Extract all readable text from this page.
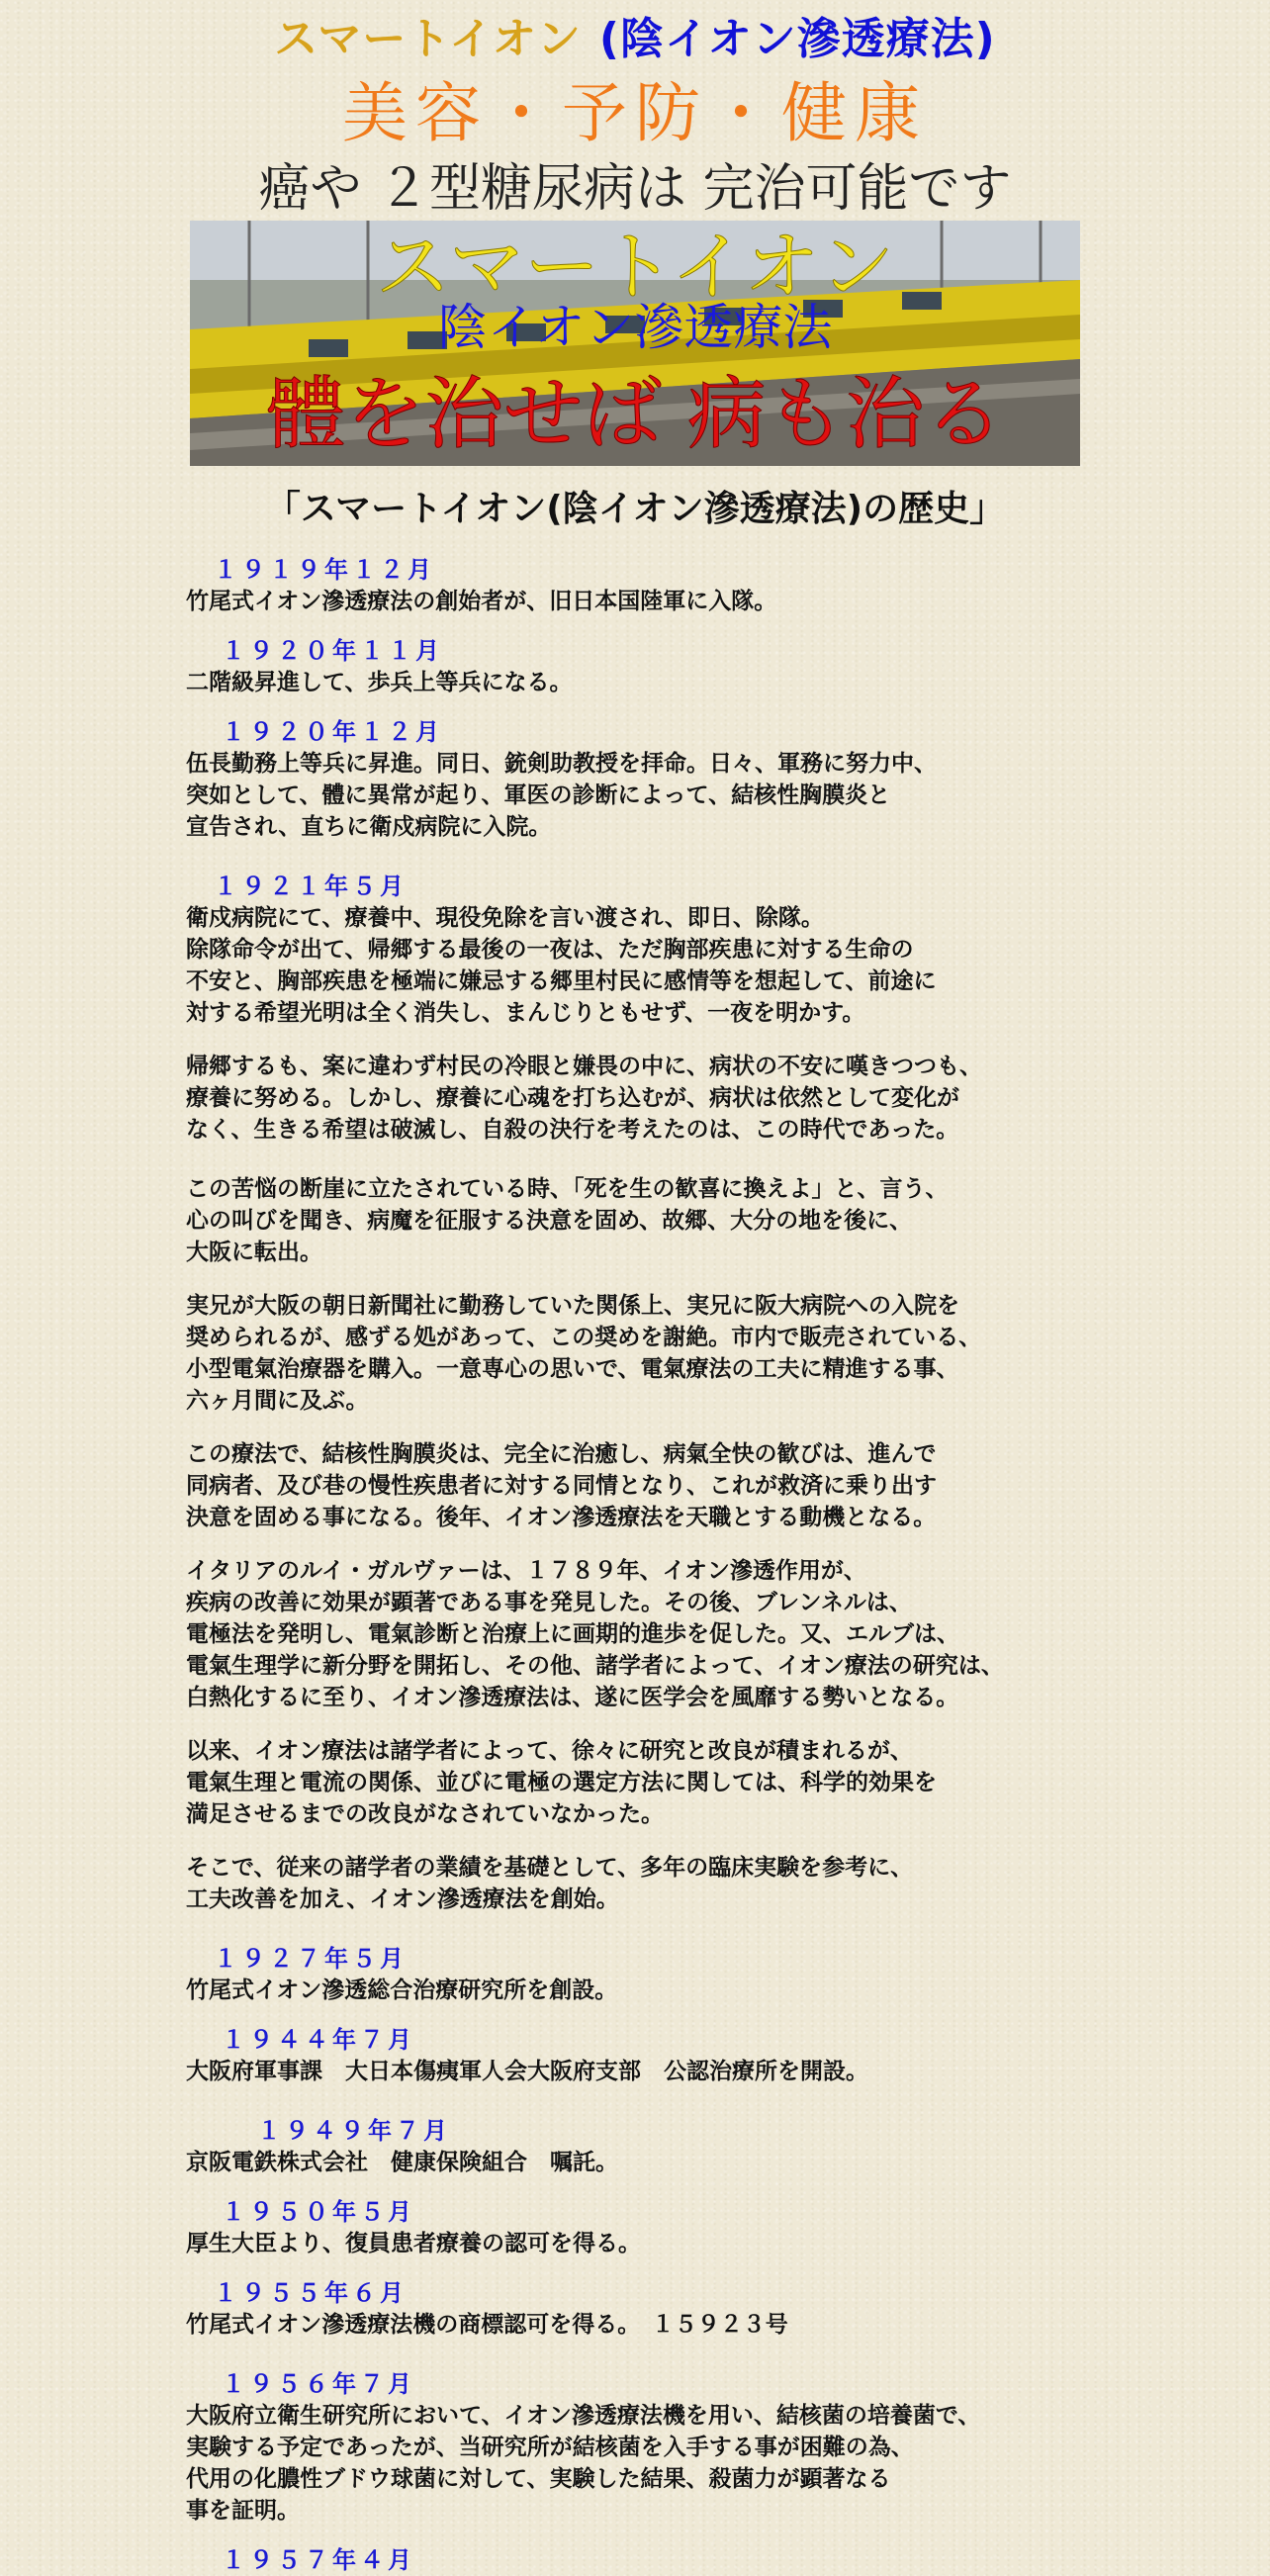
スマートイオン (陰イオン滲透療法)
美容・予防・健康
癌や ２型糖尿病は 完治可能です
スマートイオン
陰イオン滲透療法
體を治せば 病も治る
「スマートイオン(陰イオン滲透療法)の歴史」
１９１９年１２月

竹尾式イオン滲透療法の創始者が、旧日本国陸軍に入隊。

１９２０年１１月

二階級昇進して、歩兵上等兵になる。

１９２０年１２月

伍長勤務上等兵に昇進。同日、銃剣助教授を拝命。日々、軍務に努力中、
突如として、體に異常が起り、軍医の診断によって、結核性胸膜炎と
宣告され、直ちに衛戍病院に入院。

１９２１年５月

衛戍病院にて、療養中、現役免除を言い渡され、即日、除隊。
除隊命令が出て、帰郷する最後の一夜は、ただ胸部疾患に対する生命の
不安と、胸部疾患を極端に嫌忌する郷里村民に感情等を想起して、前途に
対する希望光明は全く消失し、まんじりともせず、一夜を明かす。

帰郷するも、案に違わず村民の冷眼と嫌畏の中に、病状の不安に嘆きつつも、
療養に努める。しかし、療養に心魂を打ち込むが、病状は依然として変化が
なく、生きる希望は破滅し、自殺の決行を考えたのは、この時代であった。

この苦悩の断崖に立たされている時、「死を生の歓喜に換えよ」と、言う、
心の叫びを聞き、病魔を征服する決意を固め、故郷、大分の地を後に、
大阪に転出。

実兄が大阪の朝日新聞社に勤務していた関係上、実兄に阪大病院への入院を
奨められるが、感ずる処があって、この奨めを謝絶。市内で販売されている、
小型電氣治療器を購入。一意専心の思いで、電氣療法の工夫に精進する事、
六ヶ月間に及ぶ。

この療法で、結核性胸膜炎は、完全に治癒し、病氣全快の歓びは、進んで
同病者、及び巷の慢性疾患者に対する同情となり、これが救済に乗り出す
決意を固める事になる。後年、イオン滲透療法を天職とする動機となる。

イタリアのルイ・ガルヴァーは、１７８９年、イオン滲透作用が、
疾病の改善に効果が顕著である事を発見した。その後、ブレンネルは、
電極法を発明し、電氣診断と治療上に画期的進歩を促した。又、エルブは、
電氣生理学に新分野を開拓し、その他、諸学者によって、イオン療法の研究は、
白熱化するに至り、イオン滲透療法は、遂に医学会を風靡する勢いとなる。

以来、イオン療法は諸学者によって、徐々に研究と改良が積まれるが、
電氣生理と電流の関係、並びに電極の選定方法に関しては、科学的効果を
満足させるまでの改良がなされていなかった。

そこで、従来の諸学者の業績を基礎として、多年の臨床実験を参考に、
工夫改善を加え、イオン滲透療法を創始。

１９２７年５月

竹尾式イオン滲透総合治療研究所を創設。

１９４４年７月

大阪府軍事課　大日本傷痍軍人会大阪府支部　公認治療所を開設。

１９４９年７月

京阪電鉄株式会社　健康保険組合　嘱託。

１９５０年５月

厚生大臣より、復員患者療養の認可を得る。

１９５５年６月

竹尾式イオン滲透療法機の商標認可を得る。　１５９２３号

１９５６年７月

大阪府立衛生研究所において、イオン滲透療法機を用い、結核菌の培養菌で、
実験する予定であったが、当研究所が結核菌を入手する事が困難の為、
代用の化膿性ブドウ球菌に対して、実験した結果、殺菌力が顕著なる
事を証明。

１９５７年４月
